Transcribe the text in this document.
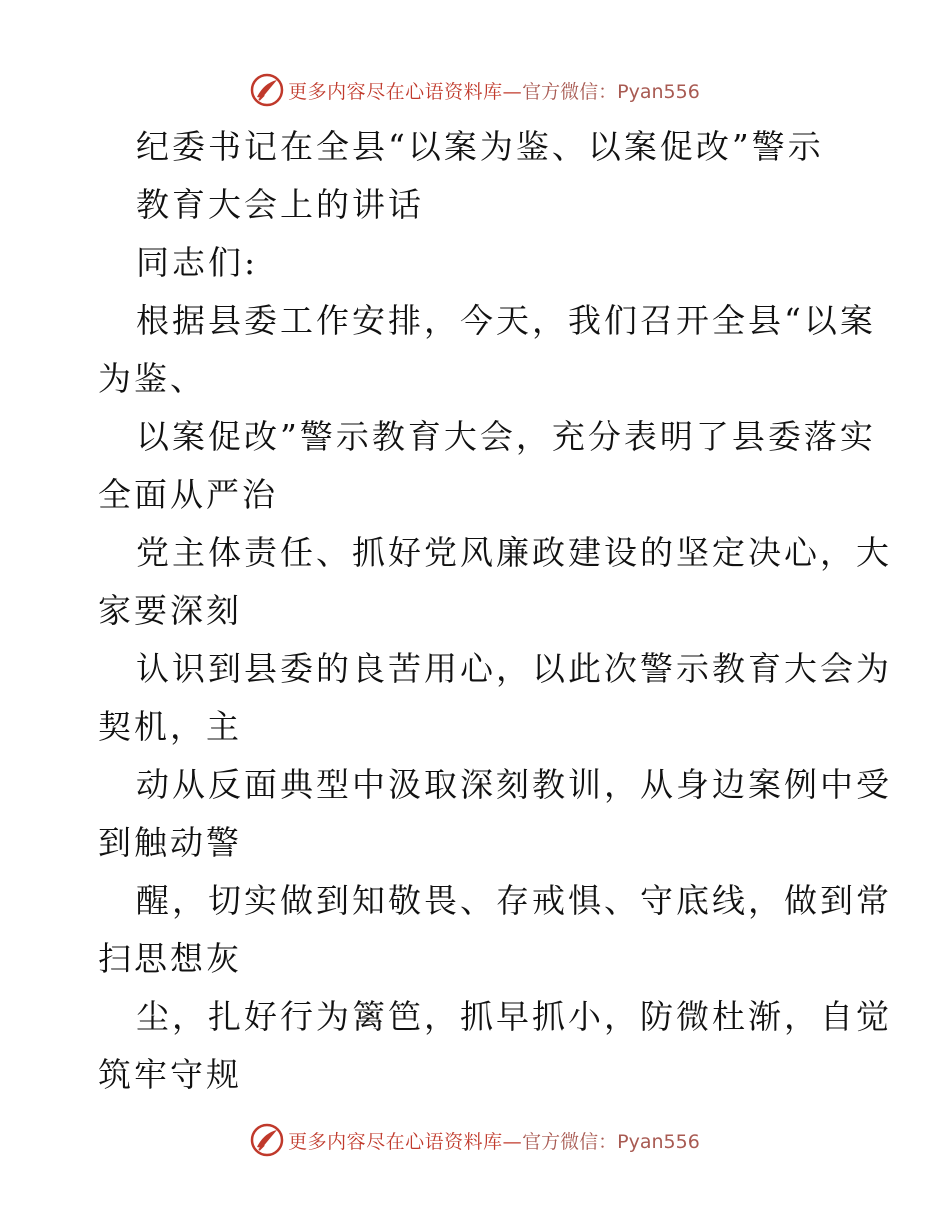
更多内容尽在心语资料库— 官方微信：Pyan556
纪委书记在全县“以案为鉴、以案促改”警示
教育大会上的讲话
同志们:
根据县委工作安排，今天，我们召开全县“以案
为鉴、
以案促改”警示教育大会，充分表明了县委落实
全面从严治
党主体责任、抓好党风廉政建设的坚定决心，大
家要深刻
认识到县委的良苦用心，以此次警示教育大会为
契机，主
动从反面典型中汲取深刻教训，从身边案例中受
到触动警
醒，切实做到知敬畏、存戒惧、守底线，做到常
扫思想灰
尘，扎好行为篱笆，抓早抓小，防微杜渐，自觉
筑牢守规
更多内容尽在心语资料库— 官方微信：Pyan556
